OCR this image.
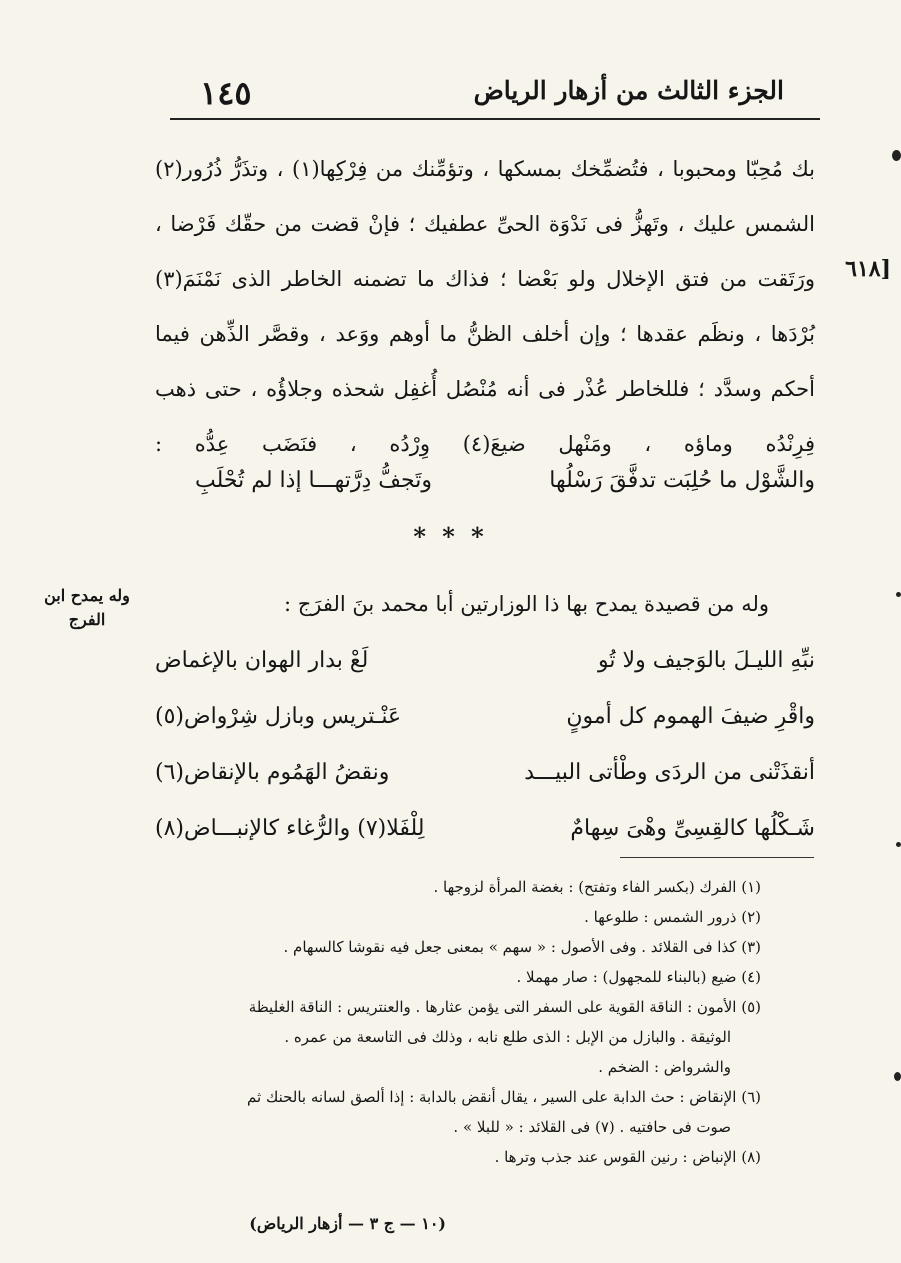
١٤٥	الجزء الثالث من أزهار الرياض
[٦١٨
بك مُحِبّا ومحبوبا ، فتُضمِّخك بمسكها ، وتؤمِّنك من فِرْكِها(١) ، وتذَرُّ ذُرُور(٢)
الشمس عليك ، وتَهزُّ فى نَدْوَة الحىِّ عطفيك ؛ فإنْ قضت من حقّك فَرْضا ،
ورَتَقت من فتق الإخلال ولو بَعْضا ؛ فذاك ما تضمنه الخاطر الذى نَمْنَمَ(٣)
بُرْدَها ، ونظَم عقدها ؛ وإن أخلف الظنُّ ما أوهم ووَعد ، وقصَّر الذِّهن فيما
أحكم وسدَّد ؛ فللخاطر عُذْر فى أنه مُنْصُل أُغفِل شحذه وجلاؤُه ، حتى ذهب
فِرِنْدُه وماؤه ، ومَنْهل ضيعَ(٤) وِرْدُه ، فنَضَب عِدُّه :
والشَّوْل ما حُلِبَت تدفَّقَ رَسْلُها
وتَجفُّ دِرَّتهـــا إذا لم تُحْلَبِ
* * *
وله من قصيدة يمدح بها ذا الوزارتين أبا محمد بنَ الفرَج :
وله يمدح ابن الفرج
نبِّهِ الليـلَ بالوَجيف ولا تُو
لَعْ بدار الهوان بالإغماض
واقْرِ ضيفَ الهموم كل أمونٍ
عَنْـتريس وبازل شِرْواض(٥)
أنقذَتْنى من الردَى وطْأتى البيـــد
ونقضُ الهَمُوم بالإنقاض(٦)
شَـكْلُها كالقِسِىِّ وهْىَ سِهامٌ
لِلْفَلا(٧) والرُّغاء كالإنبـــاض(٨)
(١) الفرك (بكسر الفاء وتفتح) : بغضة المرأة لزوجها .
(٢) ذرور الشمس : طلوعها .
(٣) كذا فى القلائد . وفى الأصول : « سهم » بمعنى جعل فيه نقوشا كالسهام .
(٤) ضيع (بالبناء للمجهول) : صار مهملا .
(٥) الأمون : الناقة القوية على السفر التى يؤمن عثارها . والعنتريس : الناقة الغليظة
الوثيقة . والبازل من الإبل : الذى طلع نابه ، وذلك فى التاسعة من عمره .
والشرواض : الضخم .
(٦) الإنقاض : حث الدابة على السير ، يقال أنقض بالدابة : إذا ألصق لسانه بالحنك ثم
صوت فى حافتيه . (٧) فى القلائد : « للبلا » .
(٨) الإنباض : رنين القوس عند جذب وترها .
(١٠ — ج ٣ — أزهار الرياض)
